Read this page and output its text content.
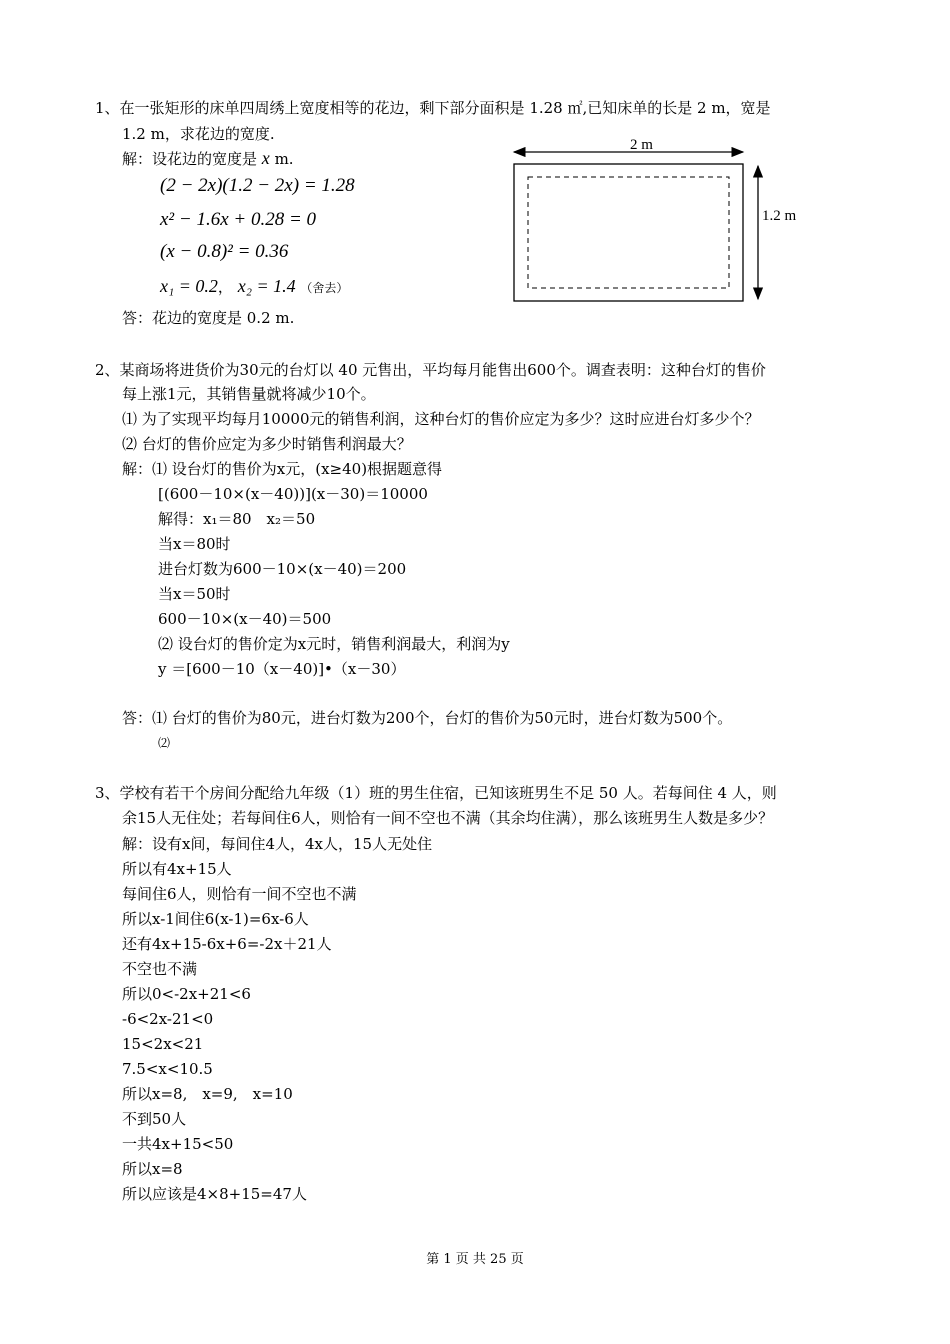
1、在一张矩形的床单四周绣上宽度相等的花边，剩下部分面积是 1.28 ㎡,已知床单的长是 2 m，宽是
1.2 m，求花边的宽度.
解：设花边的宽度是 x m.
(2 − 2x)(1.2 − 2x) = 1.28
x² − 1.6x + 0.28 = 0
(x − 0.8)² = 0.36
x₁ = 0.2， x₂ = 1.4 （舍去）
答：花边的宽度是 0.2 m.
2 m
1.2 m
2、某商场将进货价为30元的台灯以 40 元售出，平均每月能售出600个。调查表明：这种台灯的售价
每上涨1元，其销售量就将减少10个。
⑴ 为了实现平均每月10000元的销售利润，这种台灯的售价应定为多少？这时应进台灯多少个？
⑵ 台灯的售价应定为多少时销售利润最大？
解：⑴ 设台灯的售价为x元，(x≥40)根据题意得
[(600－10×(x－40))](x－30)＝10000
解得：x₁＝80　x₂＝50
当x＝80时
进台灯数为600－10×(x－40)＝200
当x＝50时
600－10×(x－40)＝500
⑵ 设台灯的售价定为x元时，销售利润最大，利润为y
y ＝[600－10（x－40)]•（x－30）
答：⑴ 台灯的售价为80元，进台灯数为200个，台灯的售价为50元时，进台灯数为500个。
⑵
3、学校有若干个房间分配给九年级（1）班的男生住宿，已知该班男生不足 50 人。若每间住 4 人，则
余15人无住处；若每间住6人，则恰有一间不空也不满（其余均住满），那么该班男生人数是多少？
解：设有x间，每间住4人，4x人，15人无处住
所以有4x+15人
每间住6人，则恰有一间不空也不满
所以x-1间住6(x-1)=6x-6人
还有4x+15-6x+6=-2x＋21人
不空也不满
所以0<-2x+21<6
-6<2x-21<0
15<2x<21
7.5<x<10.5
所以x=8,　x=9,　x=10
不到50人
一共4x+15<50
所以x=8
所以应该是4×8+15=47人
第 1 页 共 25 页
